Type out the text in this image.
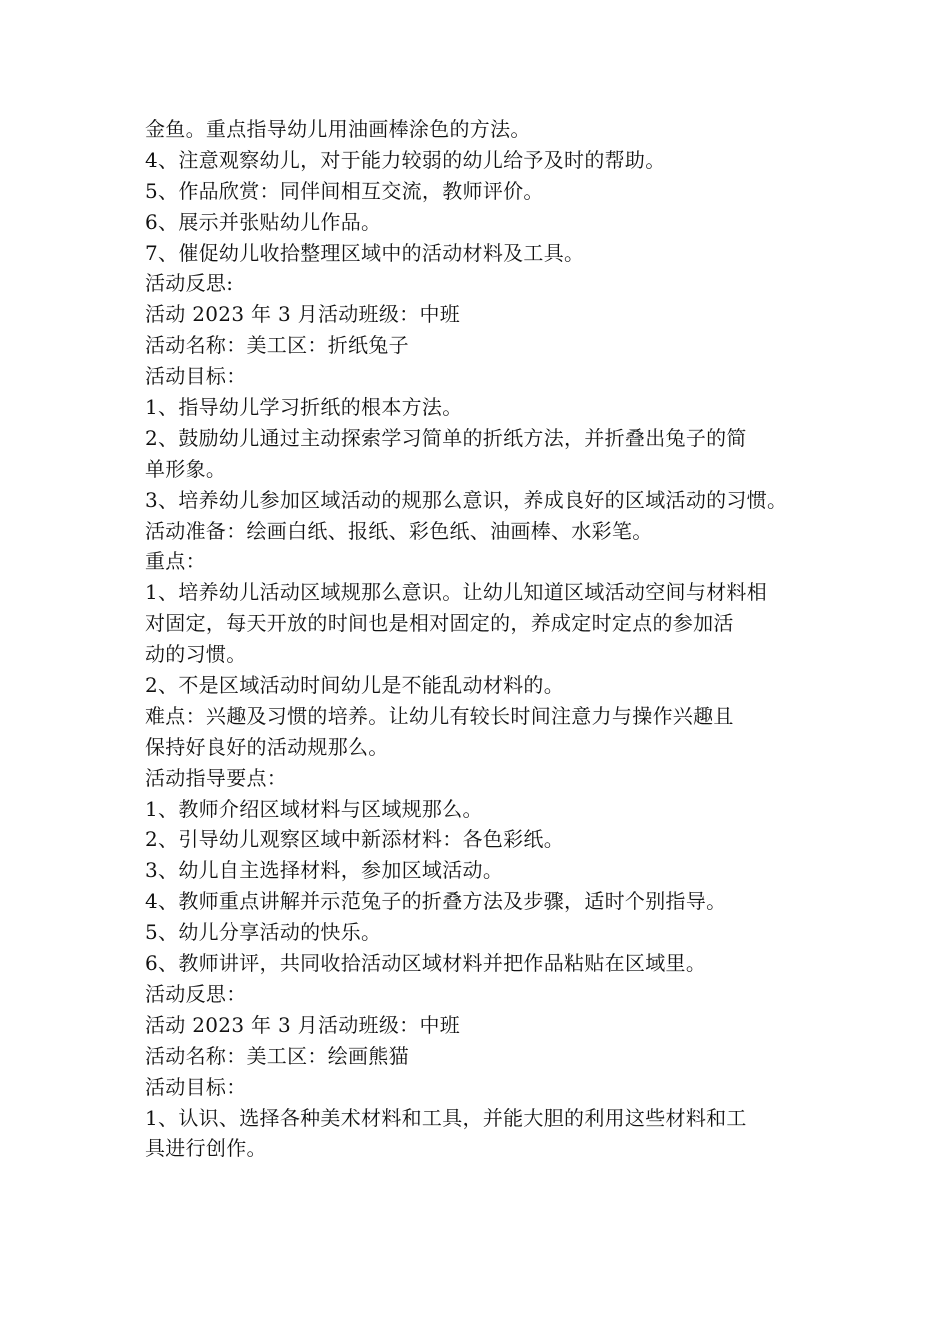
金鱼。重点指导幼儿用油画棒涂色的方法。
4、注意观察幼儿，对于能力较弱的幼儿给予及时的帮助。
5、作品欣赏：同伴间相互交流，教师评价。
6、展示并张贴幼儿作品。
7、催促幼儿收拾整理区域中的活动材料及工具。
活动反思:
活动 2023 年 3 月活动班级：中班
活动名称：美工区：折纸兔子
活动目标：
1、指导幼儿学习折纸的根本方法。
2、鼓励幼儿通过主动探索学习简单的折纸方法，并折叠出兔子的简
单形象。
3、培养幼儿参加区域活动的规那么意识，养成良好的区域活动的习惯。
活动准备：绘画白纸、报纸、彩色纸、油画棒、水彩笔。
重点：
1、培养幼儿活动区域规那么意识。让幼儿知道区域活动空间与材料相
对固定，每天开放的时间也是相对固定的，养成定时定点的参加活
动的习惯。
2、不是区域活动时间幼儿是不能乱动材料的。
难点：兴趣及习惯的培养。让幼儿有较长时间注意力与操作兴趣且
保持好良好的活动规那么。
活动指导要点：
1、教师介绍区域材料与区域规那么。
2、引导幼儿观察区域中新添材料：各色彩纸。
3、幼儿自主选择材料，参加区域活动。
4、教师重点讲解并示范兔子的折叠方法及步骤，适时个别指导。
5、幼儿分享活动的快乐。
6、教师讲评，共同收拾活动区域材料并把作品粘贴在区域里。
活动反思：
活动 2023 年 3 月活动班级：中班
活动名称：美工区：绘画熊猫
活动目标：
1、认识、选择各种美术材料和工具，并能大胆的利用这些材料和工
具进行创作。
